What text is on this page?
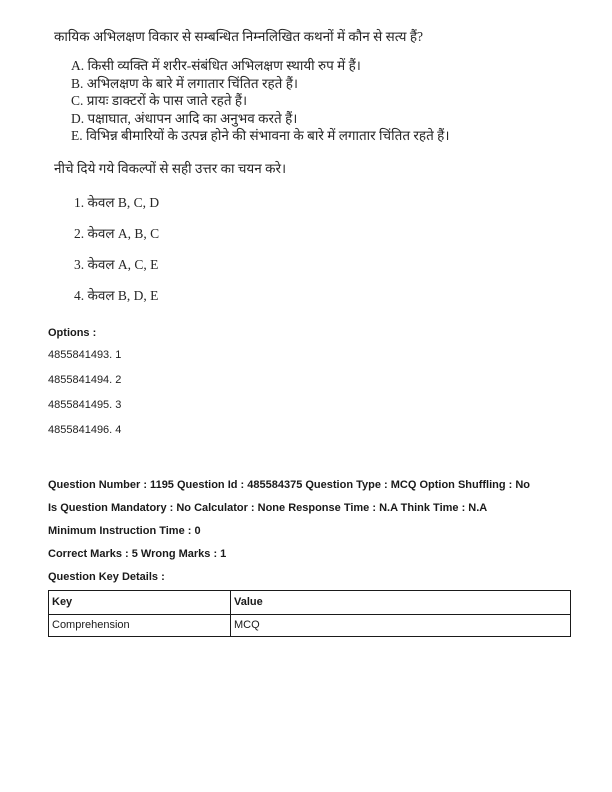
कायिक अभिलक्षण विकार से सम्बन्धित निम्नलिखित कथनों में कौन से सत्य हैं?
A. किसी व्यक्ति में शरीर-संबंधित अभिलक्षण स्थायी रुप में हैं।
B. अभिलक्षण के बारे में लगातार चिंतित रहते हैं।
C. प्रायः डाक्टरों के पास जाते रहते हैं।
D. पक्षाघात, अंधापन आदि का अनुभव करते हैं।
E. विभिन्न बीमारियों के उत्पन्न होने की संभावना के बारे में लगातार चिंतित रहते हैं।
नीचे दिये गये विकल्पों से सही उत्तर का चयन करे।
1. केवल B, C, D
2. केवल A, B, C
3. केवल A, C, E
4. केवल B, D, E
Options :
4855841493. 1
4855841494. 2
4855841495. 3
4855841496. 4
Question Number : 1195 Question Id : 485584375 Question Type : MCQ Option Shuffling : No
Is Question Mandatory : No Calculator : None Response Time : N.A Think Time : N.A
Minimum Instruction Time : 0
Correct Marks : 5 Wrong Marks : 1
Question Key Details :
Key	Value
Comprehension	MCQ
